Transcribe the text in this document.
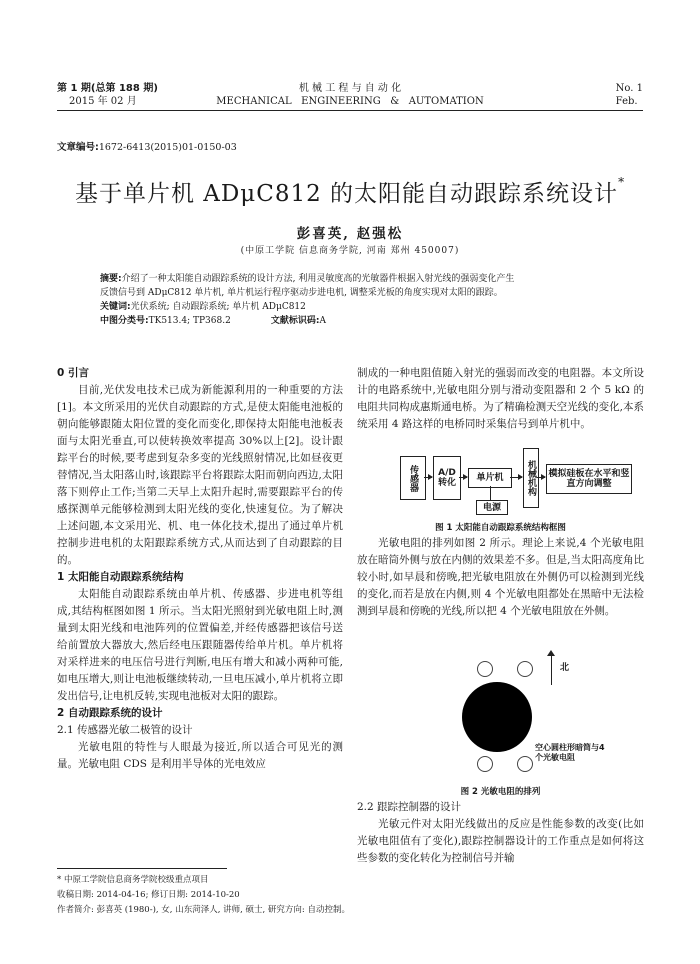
第 1 期(总第 188 期)
2015 年 02 月
机 械 工 程 与 自 动 化
MECHANICAL   ENGINEERING   &   AUTOMATION
No. 1
Feb.
文章编号:1672-6413(2015)01-0150-03
基于单片机 ADμC812 的太阳能自动跟踪系统设计*
彭喜英, 赵强松
(中原工学院 信息商务学院, 河南 郑州 450007)
摘要:介绍了一种太阳能自动跟踪系统的设计方法, 利用灵敏度高的光敏器件根据入射光线的强弱变化产生
反馈信号到 ADμC812 单片机, 单片机运行程序驱动步进电机, 调整采光板的角度实现对太阳的跟踪。
关键词:光伏系统; 自动跟踪系统; 单片机 ADμC812
中图分类号:TK513.4; TP368.2	文献标识码:A
0 引言

目前,光伏发电技术已成为新能源利用的一种重要的方法[1]。本文所采用的光伏自动跟踪的方式,是使太阳能电池板的朝向能够跟随太阳位置的变化而变化,即保持太阳能电池板表面与太阳光垂直,可以使转换效率提高 30%以上[2]。设计跟踪平台的时候,要考虑到复杂多变的光线照射情况,比如昼夜更替情况,当太阳落山时,该跟踪平台将跟踪太阳而朝向西边,太阳落下则停止工作;当第二天早上太阳升起时,需要跟踪平台的传感探测单元能够检测到太阳光线的变化,快速复位。为了解决上述问题,本文采用光、机、电一体化技术,提出了通过单片机控制步进电机的太阳跟踪系统方式,从而达到了自动跟踪的目的。

1 太阳能自动跟踪系统结构

太阳能自动跟踪系统由单片机、传感器、步进电机等组成,其结构框图如图 1 所示。当太阳光照射到光敏电阻上时,测量到太阳光线和电池阵列的位置偏差,并经传感器把该信号送给前置放大器放大,然后经电压跟随器传给单片机。单片机将对采样进来的电压信号进行判断,电压有增大和减小两种可能,如电压增大,则让电池板继续转动,一旦电压减小,单片机将立即发出信号,让电机反转,实现电池板对太阳的跟踪。

2 自动跟踪系统的设计
2.1 传感器光敏二极管的设计

光敏电阻的特性与人眼最为接近,所以适合可见光的测量。光敏电阻 CDS 是利用半导体的光电效应

制成的一种电阻值随入射光的强弱而改变的电阻器。本文所设计的电路系统中,光敏电阻分别与滑动变阻器和 2 个 5 kΩ 的电阻共同构成惠斯通电桥。为了精确检测天空光线的变化,本系统采用 4 路这样的电桥同时采集信号到单片机中。

传感器	A/D 转化	单片机
电源
机械机构	模拟硅板在水平和竖直方向调整
图 1 太阳能自动跟踪系统结构框图

光敏电阻的排列如图 2 所示。理论上来说,4 个光敏电阻放在暗筒外侧与放在内侧的效果差不多。但是,当太阳高度角比较小时,如早晨和傍晚,把光敏电阻放在外侧仍可以检测到光线的变化,而若是放在内侧,则 4 个光敏电阻都处在黑暗中无法检测到早晨和傍晚的光线,所以把 4 个光敏电阻放在外侧。

北
空心圆柱形暗筒与4个光敏电阻
图 2 光敏电阻的排列
2.2 跟踪控制器的设计

光敏元件对太阳光线做出的反应是性能参数的改变(比如光敏电阻值有了变化),跟踪控制器设计的工作重点是如何将这些参数的变化转化为控制信号并输

* 中原工学院信息商务学院校级重点项目
收稿日期: 2014-04-16; 修订日期: 2014-10-20
作者简介: 彭喜英 (1980-), 女, 山东菏泽人, 讲师, 硕士, 研究方向: 自动控制。
